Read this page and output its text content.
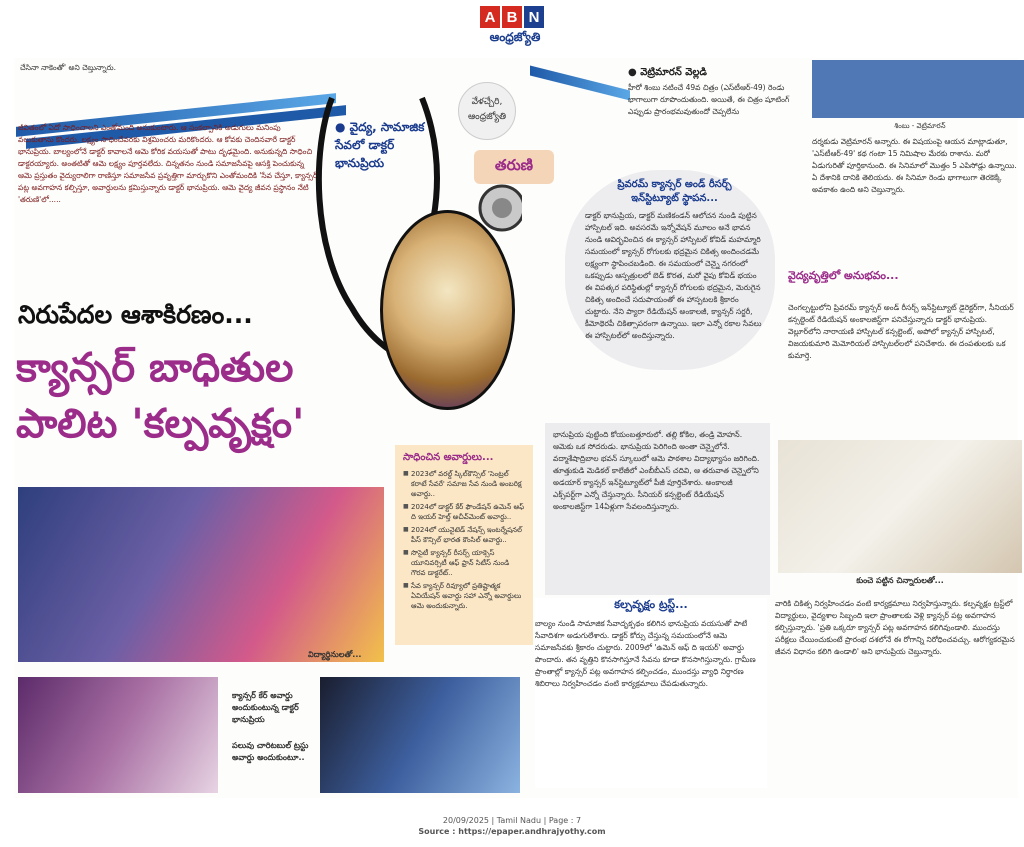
A B N
ఆంధ్రజ్యోతి
చేసినా నాకెంతో' అని చెబ్తున్నారు.
జీవితంలో ఏదో సాధించాలని ఎంతోమంది అనుకుంటారు. ఆ సంకల్పానికి అడుగులు మనింపు వలుకుతాను కొందరు. లక్ష్యం సాధించేవరకు విశ్రమించరు మరికొందరు. ఆ కోవకు చెందినవారే డాక్టర్ భానుప్రియ. బాల్యంలోనే డాక్టర్ కావాలనే ఆమె కోరిక వయసుతో పాటు దృఢమైంది. అనుకున్నది సాధించి డాక్టరయ్యారు. అంతటితో ఆమె లక్ష్యం పూర్తవలేదు. చిన్నతనం నుండి సమాజసేవపై ఆసక్తి పెంచుకున్న ఆమె ప్రస్తుతం వైద్యురాలిగా రాణిస్తూ సమాజసేవ ప్రవృత్తిగా మార్చుకొని ఎంతోమందికి 'సేవ చేస్తూ, క్యాన్సర్ పట్ల అవగాహన కల్పిస్తూ, అవార్డులను క్రమిస్తున్నారు డాక్టర్ భానుప్రియ. ఆమె వైద్య జీవన ప్రస్థానం నేటి 'తరుణి'లో.....
నిరుపేదల ఆశాకిరణం...
క్యాన్సర్ బాధితుల పాలిట 'కల్పవృక్షం'
● వైద్య, సామాజిక సేవలో డాక్టర్ భానుప్రియ
వేళచ్చేరి, ఆంధ్రజ్యోతి
తరుణి
ప్రివరమ్ క్యాన్సర్ అండ్ రీసర్చ్ ఇన్‌స్టిట్యూట్ స్థాపన...
డాక్టర్ భానుప్రియ, డాక్టర్ మణికండన్ ఆలోచన నుండి పుట్టిన హాస్పిటల్ ఇది. అవసరమే ఇన్నోవేషన్ మూలం అనే భావన నుండి ఆవిర్భవించిన ఈ క్యాన్సర్ హాస్పిటల్ కోవిడ్ మహమ్మారి సమయంలో క్యాన్సర్ రోగులకు భద్రమైన చికిత్స అందించడమే లక్ష్యంగా స్థాపించబడింది. ఈ సమయంలో చెన్నై నగరంలో ఒకప్పుడు ఆస్పత్రులలో బెడ్ కొరత, మరో వైపు కోవిడ్ భయం ఈ విపత్కర పరిస్థితుల్లో క్యాన్సర్ రోగులకు భద్రమైన, మెరుగైన చికిత్స అందించే సదుపాయంతో ఈ హాస్పటలకి శ్రీకారం చుట్టారు. నేని ప్యారా రేడియేషన్ అంకాలజీ, క్యాన్సర్ సర్జరీ, కీమోథెరపీ చికిత్సాపరంగా ఉన్నాయి. ఇలా ఎన్నో రకాల సేవలు ఈ హాస్పిటల్‌లో అందిస్తున్నారు.
● వెట్రిమారన్ వెల్లడి
హీరో శింబు నటించే 49వ చిత్రం (ఎస్‌టీఆర్-49) రెండు భాగాలుగా రూపొందుతుంది. అయితే, ఈ చిత్రం షూటింగ్ ఎప్పుడు ప్రారంభమవుతుందో చెప్పలేను
శింబు - వెట్రిమారన్
దర్శకుడు వెట్రిమారన్ అన్నారు. ఈ విషయంపై ఆయన మాట్లాడుతూ, 'ఎస్‌టీఆర్-49' కథ గంటా 15 నిమిషాల మేరకు రాశాను. మరో ఏడుగురితో పూర్తికానుంది. ఈ సినిమాలో మొత్తం 5 ఎపిసోడ్లు ఉన్నాయి. ఏ దేశానికి దానికి తెలియదు. ఈ సినిమా రెండు భాగాలుగా తెరకెక్కే అవకాశం ఉంది అని చెబ్తున్నారు.
వైద్యవృత్తిలో అనుభవం...
చెంగల్పట్టులోని ప్రివరమ్ క్యాన్సర్ అండ్ రీసర్చ్ ఇన్‌స్టిట్యూట్ డైరెక్టర్‌గా, సీనియర్ కన్సల్టెంట్ రేడియేషన్ అంకాలజిస్ట్‌గా పనిచేస్తున్నారు డాక్టర్ భానుప్రియ. వెల్లూర్‌లోని నారాయణి హాస్పిటల్ కన్సల్టెంట్, అపోలో క్యాన్సర్ హాస్పిటల్, విజయకుమారి మెమోరియల్ హాస్పిటల్‌లలో పనిచేశారు. ఈ దంపతులకు ఒక కుమార్తె.
భానుప్రియ పుట్టింది కోయంబత్తూరులో. తల్లి కోకిల, తండ్రి మోహన్. ఆమెకు ఒక సోదరుడు. భానుప్రియ పెరిగింది అంతా చెన్నైలోనే. వద్మాశేషాద్రిబాల భవన్ స్కూలులో ఆమె పాఠశాల విద్యాభ్యాసం జరిగింది. తూత్తుకుడి మెడికల్ కాలేజీలో ఎంబీబీఎస్ చదివి, ఆ తరువాత చెన్నైలోని అడయార్ క్యాన్సర్ ఇన్‌స్టిట్యూట్‌లో పీజీ పూర్తిచేశారు. అంకాలజీ ఎక్స్‌పర్ట్‌గా ఎన్నో చేస్తున్నారు. సీనియర్ కన్సల్టెంట్ రేడియేషన్ అంకాలజిస్ట్‌గా 14ఏళ్లుగా సేవలందిస్తున్నారు.
కుంచె పట్టిన చిన్నారులతో...
సాధించిన అవార్డులు...
■ 2023లో వరల్డ్ స్కిల్‌కౌన్సిల్ 'సెంట్రల్ కరాటే సేవరే' సమాజ సేవ నుండి అంబరిక్ష అవార్డు..
■ 2024లో డాక్టర్ కేర్ ఫౌండేషన్ ఉమెన్ ఆఫ్ ది ఇయర్ హెల్త్ అచీవ్‌మెంట్ అవార్డు..
■ 2024లో యునైటెడ్ నేషన్స్ ఇంటర్నేషనల్ పీస్ కౌన్సిల్ భారత కౌంసిల్ అవార్డు..
■ సొసైటీ క్యాన్సర్ రీసర్చ్ యాక్సెస్ యూనివర్సిటీ ఆఫ్ ఫ్రాన్ సిటీస్ నుండి గౌరవ డాక్టరేట్..
■ సేవ క్యాన్సర్ రివ్యూలో ప్రతిష్టాత్మక ఏవియేషన్ అవార్డు సహా ఎన్నో అవార్డులు ఆమె అందుకున్నారు.
విద్యార్థినులతో...
క్యాన్సర్ కేర్ అవార్డు అందుకుంటున్న డాక్టర్ భానుప్రియ
పలువు చారిటబుల్ ట్రస్టు అవార్డు అందుకుంటూ..
కల్పవృక్షం ట్రస్ట్...
బాల్యం నుండి సామాజిక సేవాదృక్పథం కలిగిన భానుప్రియ వయసుతో పాటే సేవాదిశగా అడుగులేశారు. డాక్టర్ కోర్సు చేస్తున్న సమయంలోనే ఆమె సమాజసేవకు శ్రీకారం చుట్టారు. 2009లో 'ఉమెన్ ఆఫ్ ది ఇయర్' అవార్డు పొందారు. తన వృత్తిని కొనసాగిస్తూనే సేవను కూడా కొనసాగిస్తున్నారు. గ్రామీణ ప్రాంతాల్లో క్యాన్సర్ పట్ల అవగాహన కల్పించడం, ముందస్తు వ్యాధి నిర్ధారణ శిబిరాలు నిర్వహించడం వంటి కార్యక్రమాలు చేపడుతున్నారు.
వారికి చికిత్స నిర్వహించడం వంటి కార్యక్రమాలు నిర్వహిస్తున్నారు. కల్పవృక్షం ట్రస్ట్‌లో విద్యార్థులు, వైద్యశాల సిబ్బంది ఇలా ప్రాంతాలకు వెళ్లి క్యాన్సర్ పట్ల అవగాహన కల్పిస్తున్నారు. 'ప్రతి ఒక్కరూ క్యాన్సర్ పట్ల అవగాహన కలిగివుండాలి. ముందస్తు పరీక్షలు చేయించుకుంటే ప్రారంభ దశలోనే ఈ రోగాన్ని నిరోధించవచ్చు. ఆరోగ్యకరమైన జీవన విధానం కలిగి ఉండాలి' అని భానుప్రియ చెబ్తున్నారు.
20/09/2025 | Tamil Nadu | Page : 7
Source : https://epaper.andhrajyothy.com
